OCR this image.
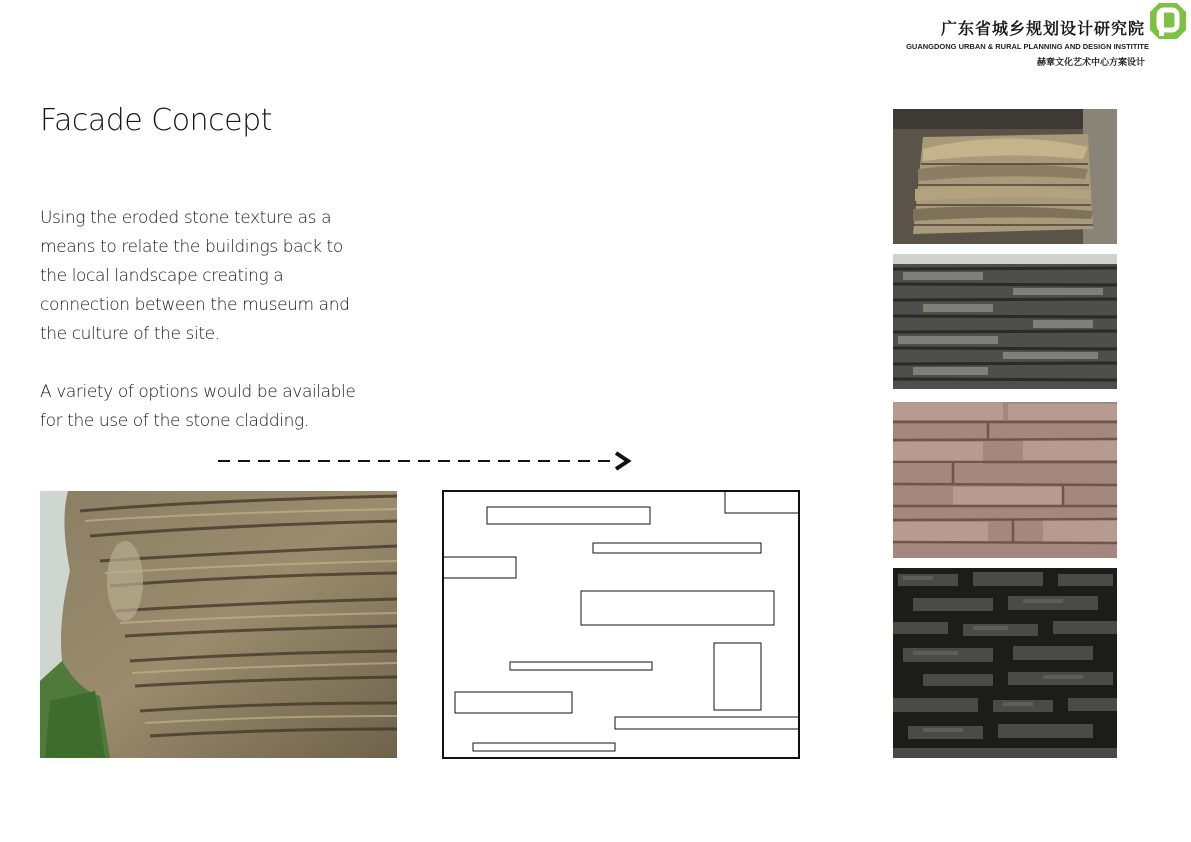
广东省城乡规划设计研究院
GUANGDONG URBAN & RURAL PLANNING AND DESIGN INSTITITE
赫章文化艺术中心方案设计
Facade Concept
Using the eroded stone texture as a means to relate the buildings back to the local landscape creating a connection between the museum and the culture of the site.
A variety of options would be available for the use of the stone cladding.
